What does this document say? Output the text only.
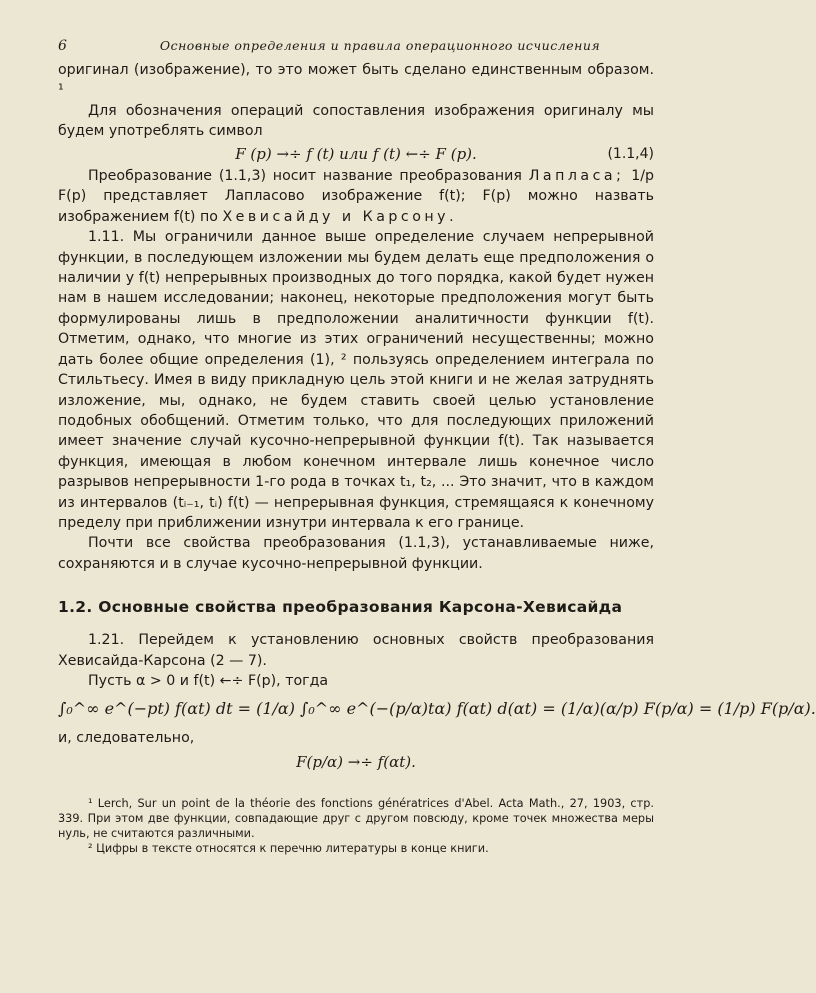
6	Основные определения и правила операционного исчисления

оригинал (изображение), то это может быть сделано единственным образом. ¹

Для обозначения операций сопоставления изображения оригиналу мы будем употреблять символ

F (p) →÷ f (t) или f (t) ←÷ F (p).	(1.1,4)

Преобразование (1.1,3) носит название преобразования Лапласа; 1/p F(p) представляет Лапласово изображение f(t); F(p) можно назвать изображением f(t) по Хевисайду и Карсону.

1.11. Мы ограничили данное выше определение случаем непрерывной функции, в последующем изложении мы будем делать еще предположения о наличии у f(t) непрерывных производных до того порядка, какой будет нужен нам в нашем исследовании; наконец, некоторые предположения могут быть формулированы лишь в предположении аналитичности функции f(t). Отметим, однако, что многие из этих ограничений несущественны; можно дать более общие определения (1), ² пользуясь определением интеграла по Стильтьесу. Имея в виду прикладную цель этой книги и не желая затруднять изложение, мы, однако, не будем ставить своей целью установление подобных обобщений. Отметим только, что для последующих приложений имеет значение случай кусочно-непрерывной функции f(t). Так называется функция, имеющая в любом конечном интервале лишь конечное число разрывов непрерывности 1-го рода в точках t₁, t₂, ... Это значит, что в каждом из интервалов (tᵢ₋₁, tᵢ) f(t) — непрерывная функция, стремящаяся к конечному пределу при приближении изнутри интервала к его границе.

Почти все свойства преобразования (1.1,3), устанавливаемые ниже, сохраняются и в случае кусочно-непрерывной функции.

1.2. Основные свойства преобразования Карсона-Хевисайда

1.21. Перейдем к установлению основных свойств преобразования Хевисайда-Карсона (2 — 7).

Пусть α > 0 и f(t) ←÷ F(p), тогда

∫₀^∞ e^(−pt) f(αt) dt = (1/α) ∫₀^∞ e^(−(p/α)tα) f(αt) d(αt) = (1/α)(α/p) F(p/α) = (1/p) F(p/α).

и, следовательно,

F(p/α) →÷ f(αt).

¹ Lerch, Sur un point de la théorie des fonctions génératrices d'Abel. Acta Math., 27, 1903, стр. 339. При этом две функции, совпадающие друг с другом повсюду, кроме точек множества меры нуль, не считаются различными.

² Цифры в тексте относятся к перечню литературы в конце книги.
